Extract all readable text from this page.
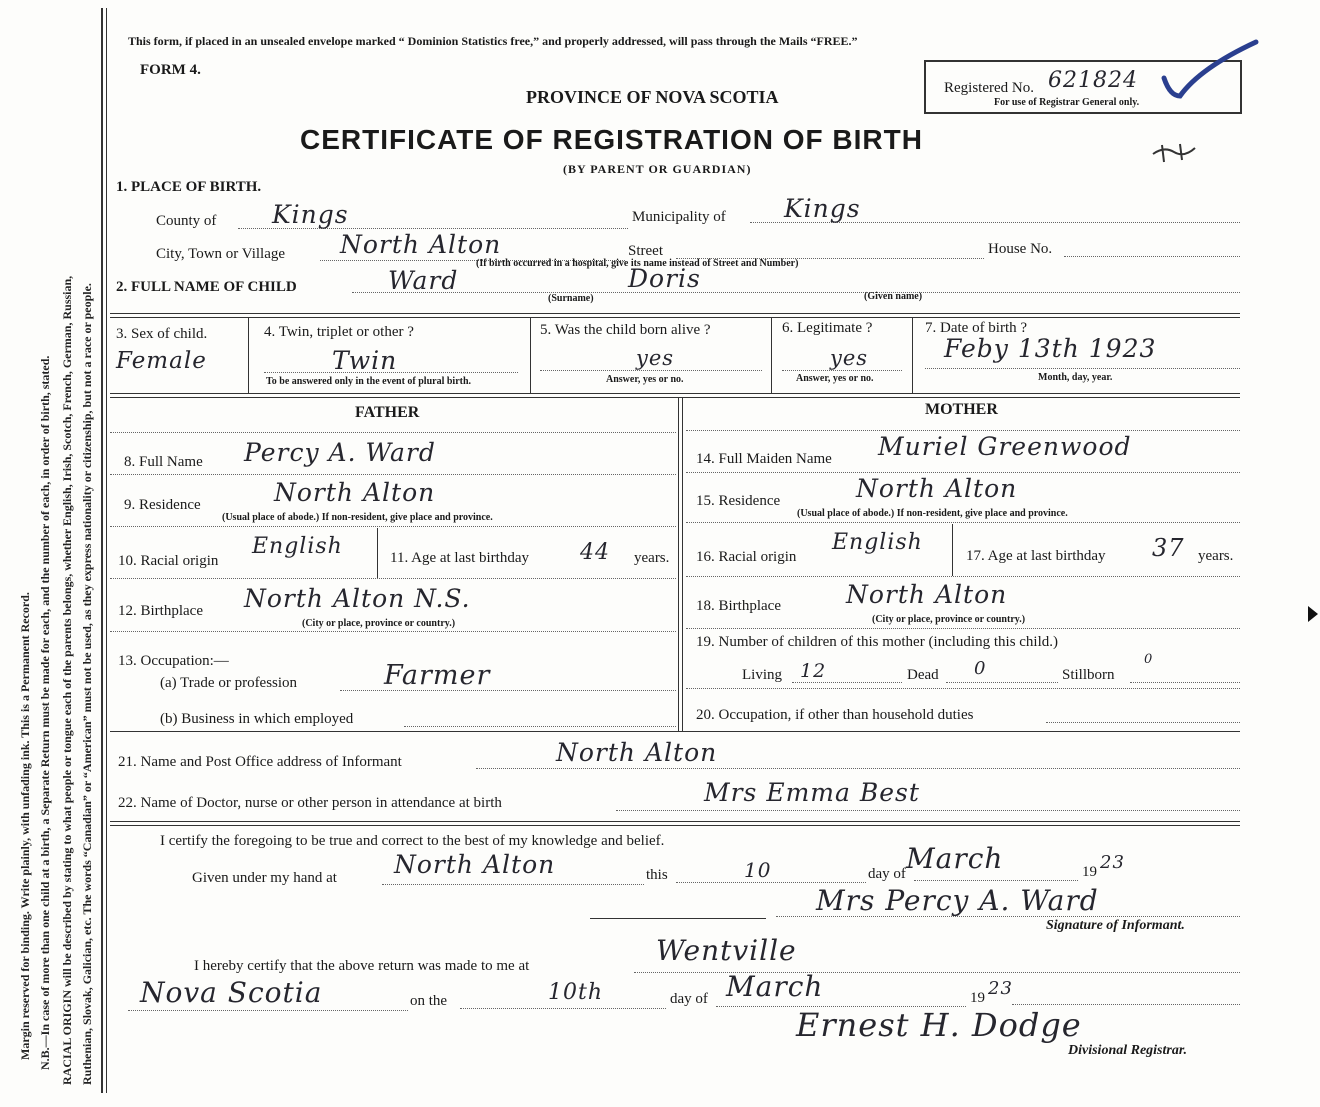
Margin reserved for binding. Write plainly, with unfading ink. This is a Permanent Record. N.B.—In case of more than one child at a birth, a Separate Return must be made for each, and the number of each, in order of birth, stated. RACIAL ORIGIN will be described by stating to what people or tongue each of the parents belongs, whether English, Irish, Scotch, French, German, Russian, Ruthenian, Slovak, Galician, etc. The words “Canadian” or “American” must not be used, as they express nationality or citizenship, but not a race or people.
This form, if placed in an unsealed envelope marked “ Dominion Statistics free,” and properly addressed, will pass through the Mails “FREE.”
FORM 4.
PROVINCE OF NOVA SCOTIA
CERTIFICATE OF REGISTRATION OF BIRTH
(BY PARENT OR GUARDIAN)
Registered No. 621824
For use of Registrar General only.
1. PLACE OF BIRTH.
County of Kings	Municipality of Kings
City, Town or Village North Alton	Street	House No.
(If birth occurred in a hospital, give its name instead of Street and Number)
2. FULL NAME OF CHILD	Ward	Doris
(Surname)	(Given name)
3. Sex of child.
Female
4. Twin, triplet or other ?
Twin
To be answered only in the event of plural birth.
5. Was the child born alive ?
yes
Answer, yes or no.
6. Legitimate ?
yes
Answer, yes or no.
7. Date of birth ?
Feby 13th 1923
Month, day, year.
FATHER	MOTHER
8. Full Name Percy A. Ward
9. Residence	North Alton
(Usual place of abode.) If non-resident, give place and province.
10. Racial origin
English	11. Age at last birthday 44 years.
12. Birthplace North Alton N.S.
(City or place, province or country.)
13. Occupation:—
(a) Trade or profession	Farmer
(b) Business in which employed
14. Full Maiden Name Muriel Greenwood
15. Residence	North Alton
(Usual place of abode.) If non-resident, give place and province.
16. Racial origin
English
17. Age at last birthday 37 years.
18. Birthplace	North Alton
(City or place, province or country.)
19. Number of children of this mother (including this child.)
Living 12	Dead 0	Stillborn
0
20. Occupation, if other than household duties
21. Name and Post Office address of Informant	North Alton
22. Name of Doctor, nurse or other person in attendance at birth	Mrs Emma Best
I certify the foregoing to be true and correct to the best of my knowledge and belief.
Given under my hand at North Alton	this	10	day of March	19 23
Mrs Percy A. Ward
Signature of Informant.
I hereby certify that the above return was made to me at	Wentville
Nova Scotia	on the	10th	day of March	19 23
Ernest H. Dodge
Divisional Registrar.
